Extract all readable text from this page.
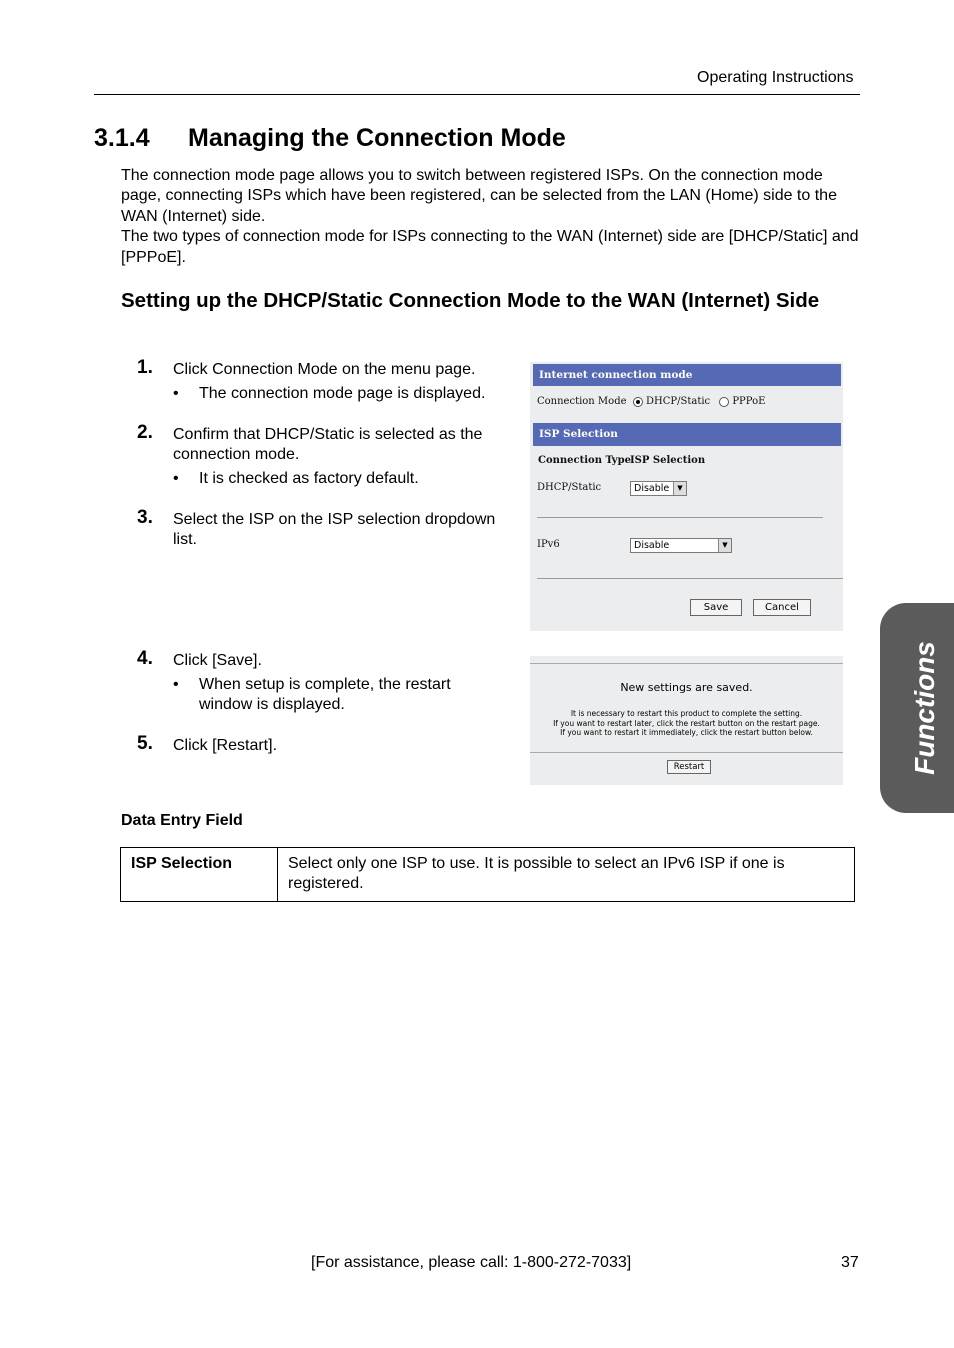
Operating Instructions
3.1.4 Managing the Connection Mode
The connection mode page allows you to switch between registered ISPs. On the connection mode page, connecting ISPs which have been registered, can be selected from the LAN (Home) side to the WAN (Internet) side.
The two types of connection mode for ISPs connecting to the WAN (Internet) side are [DHCP/Static] and [PPPoE].
Setting up the DHCP/Static Connection Mode to the WAN (Internet) Side
1. Click Connection Mode on the menu page.
• The connection mode page is displayed.
2. Confirm that DHCP/Static is selected as the connection mode.
• It is checked as factory default.
3. Select the ISP on the ISP selection dropdown list.
4. Click [Save].
• When setup is complete, the restart window is displayed.
5. Click [Restart].
Internet connection mode
Connection Mode	DHCP/Static PPPoE
ISP Selection
Connection Type ISP Selection
DHCP/Static	Disable	▼
IPv6	Disable	▼
Save	Cancel
New settings are saved.
It is necessary to restart this product to complete the setting.
If you want to restart later, click the restart button on the restart page.
If you want to restart it immediately, click the restart button below.
Restart	Functions
Data Entry Field
ISP Selection	Select only one ISP to use. It is possible to select an IPv6 ISP if one is registered.
[For assistance, please call: 1-800-272-7033]	37
